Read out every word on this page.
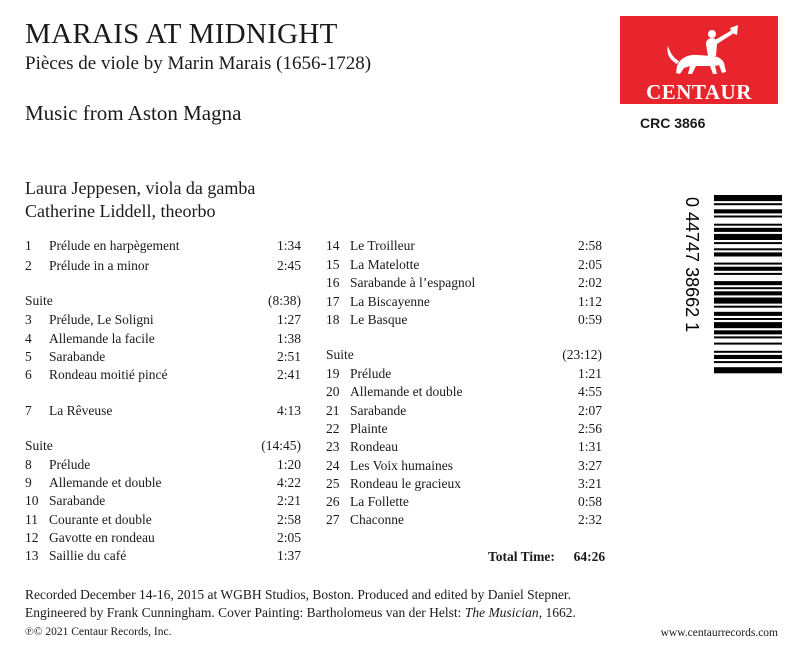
MARAIS AT MIDNIGHT
Pièces de viole by Marin Marais (1656-1728)
Music from Aston Magna
Laura Jeppesen, viola da gamba
Catherine Liddell, theorbo
CENTAUR
CRC 3866
1 Prélude en harpègement	1:34
2 Prélude in a minor	2:45
Suite	(8:38)
3 Prélude, Le Soligni	1:27
4 Allemande la facile	1:38
5 Sarabande	2:51
6 Rondeau moitié pincé	2:41
7 La Rêveuse	4:13
Suite	(14:45)
8 Prélude	1:20
9 Allemande et double	4:22
10 Sarabande	2:21
11 Courante et double	2:58
12 Gavotte en rondeau	2:05
13 Saillie du café	1:37
14 Le Troilleur	2:58
15 La Matelotte	2:05
16 Sarabande à l’espagnol	2:02
17 La Biscayenne	1:12
18 Le Basque	0:59
Suite	(23:12)
19 Prélude	1:21
20 Allemande et double	4:55
21 Sarabande	2:07
22 Plainte	2:56
23 Rondeau	1:31
24 Les Voix humaines	3:27
25 Rondeau le gracieux	3:21
26 La Follette	0:58
27 Chaconne	2:32
Total Time: 64:26
0 44747 38662 1
Recorded December 14-16, 2015 at WGBH Studios, Boston. Produced and edited by Daniel Stepner.
Engineered by Frank Cunningham. Cover Painting: Bartholomeus van der Helst: The Musician, 1662.
℗© 2021 Centaur Records, Inc.	www.centaurrecords.com
